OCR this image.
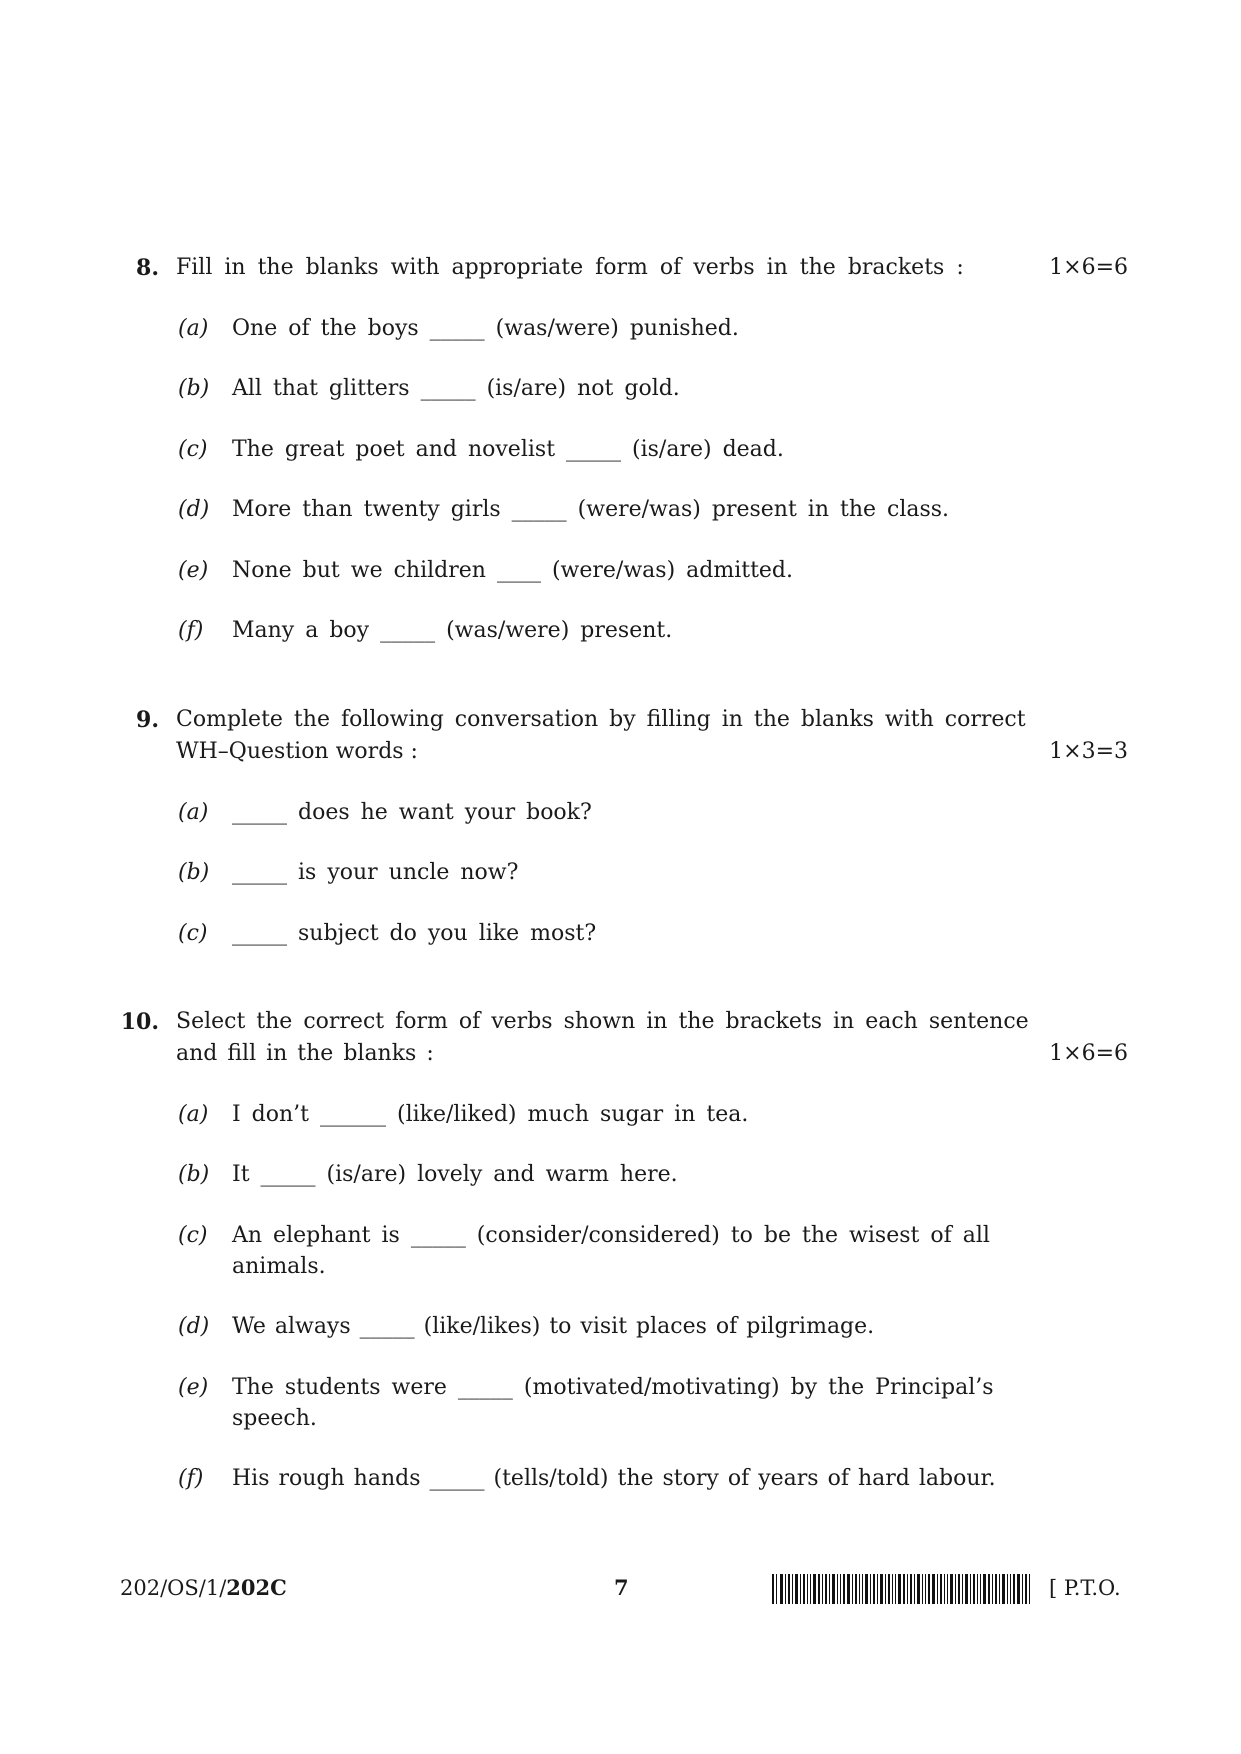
8. Fill in the blanks with appropriate form of verbs in the brackets :	1×6=6
(a) One of the boys _____ (was/were) punished.
(b) All that glitters _____ (is/are) not gold.
(c) The great poet and novelist _____ (is/are) dead.
(d) More than twenty girls _____ (were/was) present in the class.
(e) None but we children ____ (were/was) admitted.
(f) Many a boy _____ (was/were) present.
9. Complete the following conversation by filling in the blanks with correct
WH–Question words :	1×3=3
(a) _____ does he want your book?
(b) _____ is your uncle now?
(c) _____ subject do you like most?
10. Select the correct form of verbs shown in the brackets in each sentence
and fill in the blanks :	1×6=6
(a) I don’t ______ (like/liked) much sugar in tea.
(b) It _____ (is/are) lovely and warm here.
(c) An elephant is _____ (consider/considered) to be the wisest of all
animals.
(d) We always _____ (like/likes) to visit places of pilgrimage.
(e) The students were _____ (motivated/motivating) by the Principal’s
speech.
(f) His rough hands _____ (tells/told) the story of years of hard labour.
202/OS/1/202C	7	[ P.T.O.
